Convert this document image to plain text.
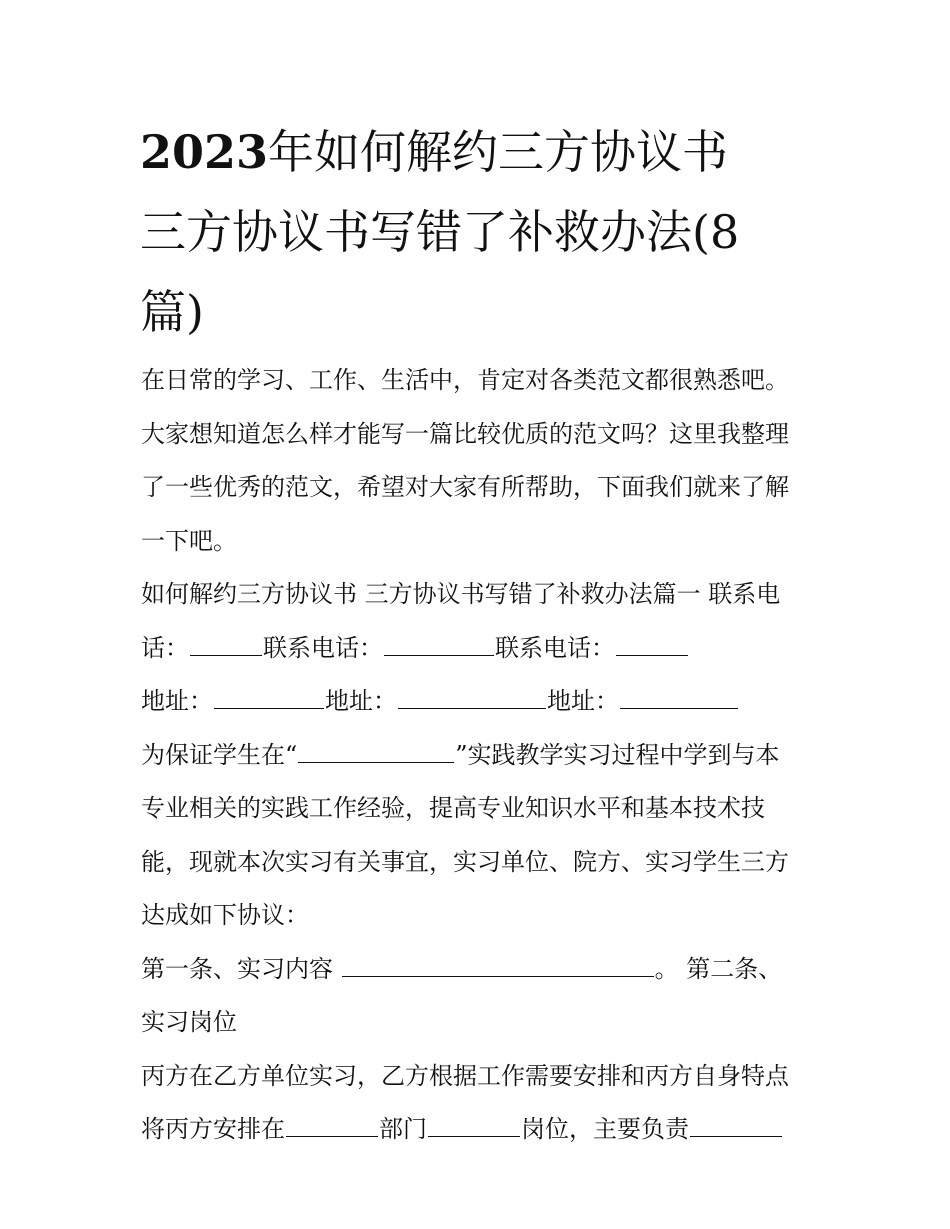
2023年如何解约三方协议书
三方协议书写错了补救办法(8
篇)
在日常的学习、工作、生活中，肯定对各类范文都很熟悉吧。
大家想知道怎么样才能写一篇比较优质的范文吗？这里我整理
了一些优秀的范文，希望对大家有所帮助，下面我们就来了解
一下吧。
如何解约三方协议书 三方协议书写错了补救办法篇一 联系电
话：	联系电话：	联系电话：
地址：	地址：	地址：
为保证学生在“	”实践教学实习过程中学到与本
专业相关的实践工作经验，提高专业知识水平和基本技术技
能，现就本次实习有关事宜，实习单位、院方、实习学生三方
达成如下协议：
第一条、实习内容	。 第二条、
实习岗位
丙方在乙方单位实习，乙方根据工作需要安排和丙方自身特点
将丙方安排在	部门	岗位，主要负责
